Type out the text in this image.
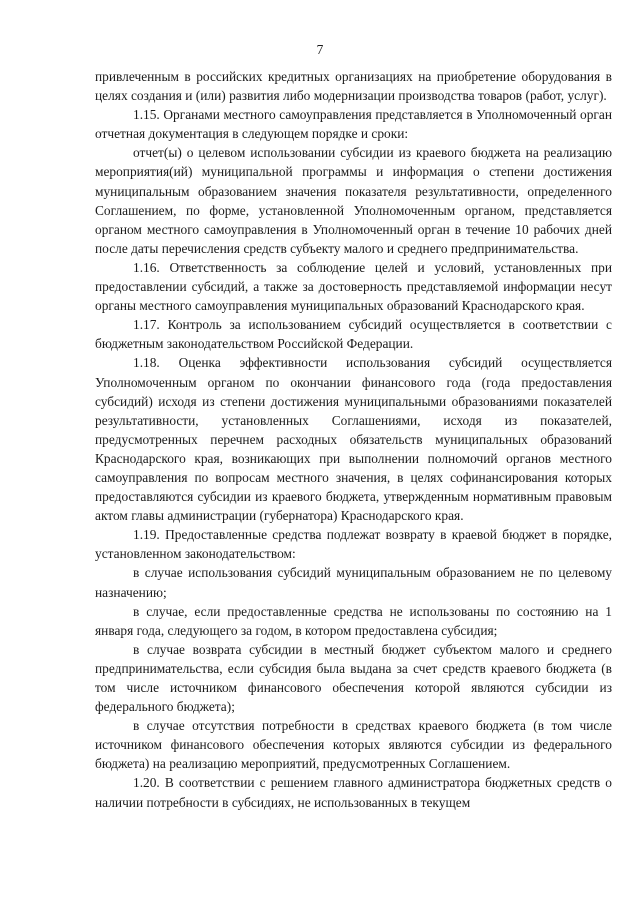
7

привлеченным в российских кредитных организациях на приобретение оборудования в целях создания и (или) развития либо модернизации производства товаров (работ, услуг).

1.15. Органами местного самоуправления представляется в Уполномоченный орган отчетная документация в следующем порядке и сроки:

отчет(ы) о целевом использовании субсидии из краевого бюджета на реализацию мероприятия(ий) муниципальной программы и информация о степени достижения муниципальным образованием значения показателя результативности, определенного Соглашением, по форме, установленной Уполномоченным органом, представляется органом местного самоуправления в Уполномоченный орган в течение 10 рабочих дней после даты перечисления средств субъекту малого и среднего предпринимательства.

1.16. Ответственность за соблюдение целей и условий, установленных при предоставлении субсидий, а также за достоверность представляемой информации несут органы местного самоуправления муниципальных образований Краснодарского края.

1.17. Контроль за использованием субсидий осуществляется в соответствии с бюджетным законодательством Российской Федерации.

1.18. Оценка эффективности использования субсидий осуществляется Уполномоченным органом по окончании финансового года (года предоставления субсидий) исходя из степени достижения муниципальными образованиями показателей результативности, установленных Соглашениями, исходя из показателей, предусмотренных перечнем расходных обязательств муниципальных образований Краснодарского края, возникающих при выполнении полномочий органов местного самоуправления по вопросам местного значения, в целях софинансирования которых предоставляются субсидии из краевого бюджета, утвержденным нормативным правовым актом главы администрации (губернатора) Краснодарского края.

1.19. Предоставленные средства подлежат возврату в краевой бюджет в порядке, установленном законодательством:

в случае использования субсидий муниципальным образованием не по целевому назначению;

в случае, если предоставленные средства не использованы по состоянию на 1 января года, следующего за годом, в котором предоставлена субсидия;

в случае возврата субсидии в местный бюджет субъектом малого и среднего предпринимательства, если субсидия была выдана за счет средств краевого бюджета (в том числе источником финансового обеспечения которой являются субсидии из федерального бюджета);

в случае отсутствия потребности в средствах краевого бюджета (в том числе источником финансового обеспечения которых являются субсидии из федерального бюджета) на реализацию мероприятий, предусмотренных Соглашением.

1.20. В соответствии с решением главного администратора бюджетных средств о наличии потребности в субсидиях, не использованных в текущем
